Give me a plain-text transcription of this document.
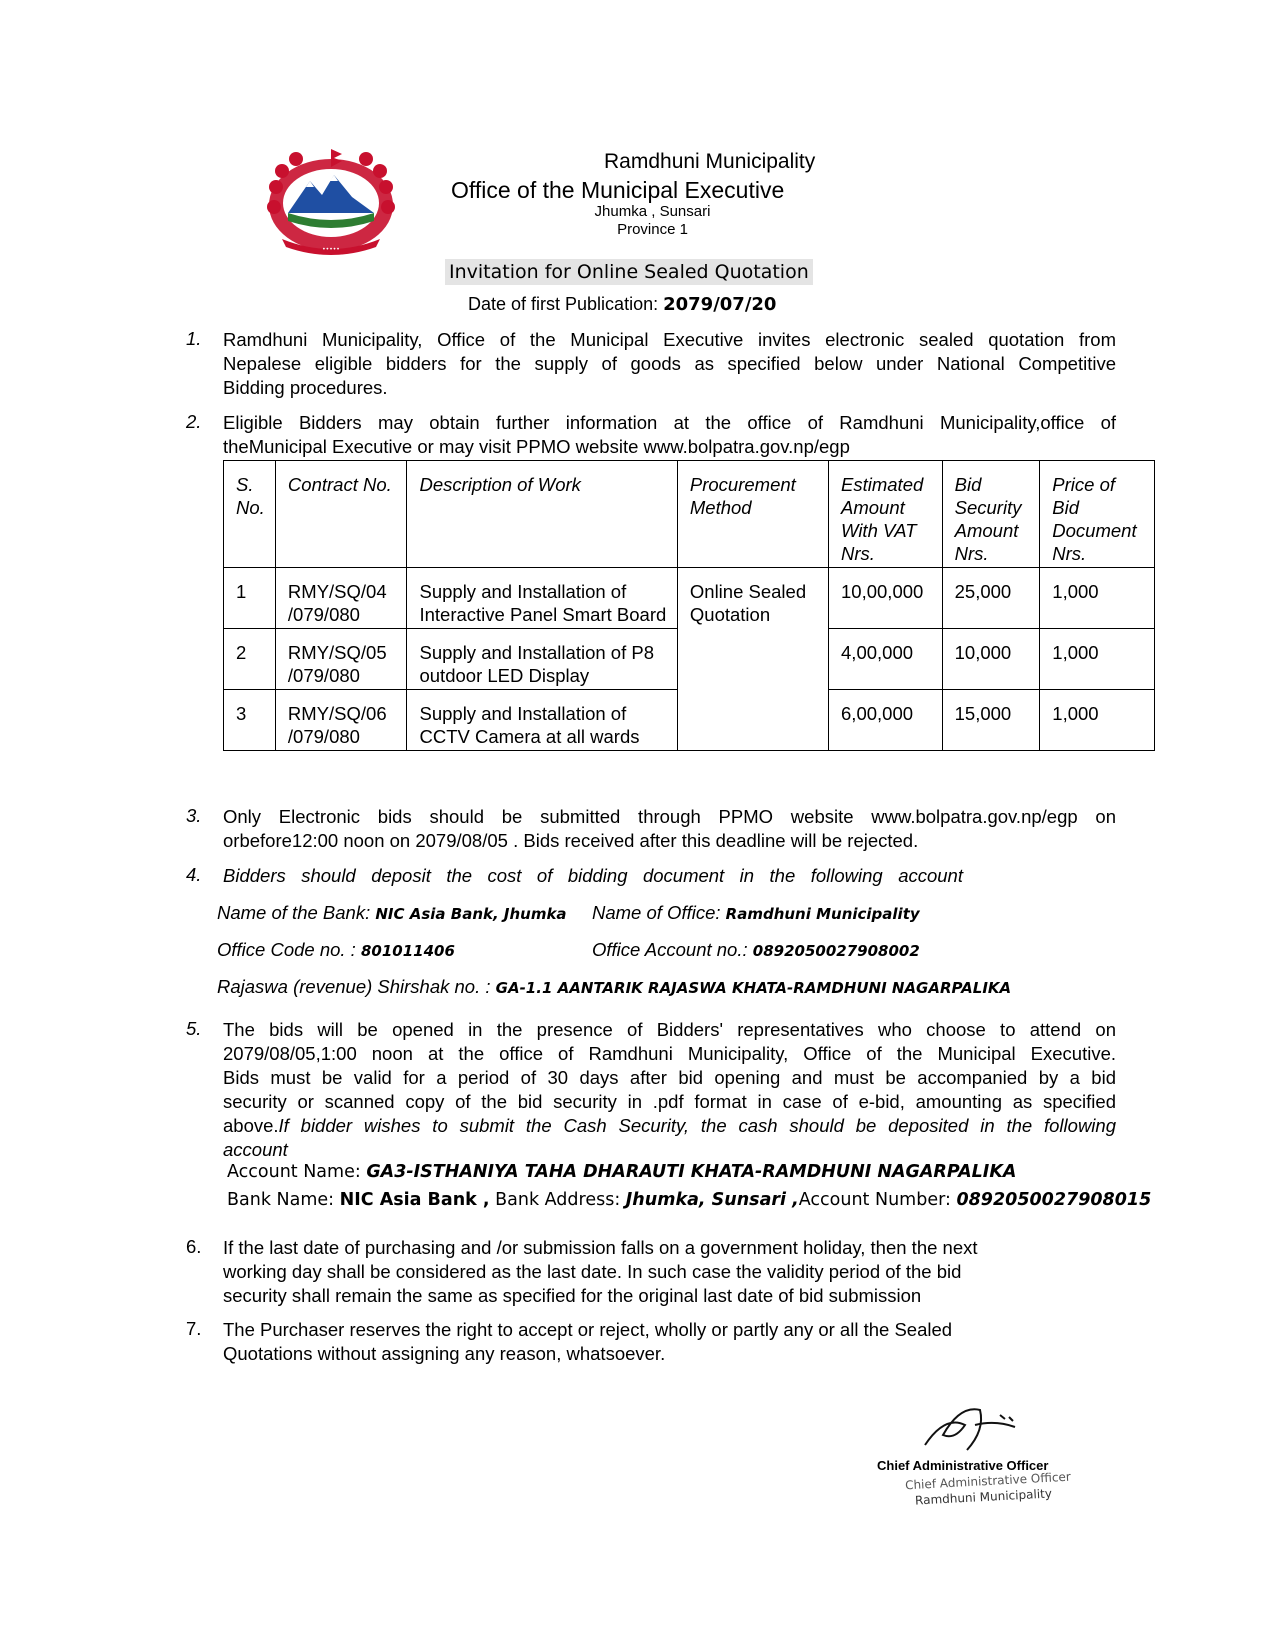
•••••
Ramdhuni Municipality
Office of the Municipal Executive
Jhumka , Sunsari
Province 1
Invitation for Online Sealed Quotation
Date of first Publication: 2079/07/20
1. Ramdhuni Municipality, Office of the Municipal Executive invites electronic sealed quotation from
Nepalese eligible bidders for the supply of goods as specified below under National Competitive
Bidding procedures.
2. Eligible Bidders may obtain further information at the office of Ramdhuni Municipality,office of
theMunicipal Executive or may visit PPMO website www.bolpatra.gov.np/egp
S. No.	Contract No.	Description of Work	Procurement Method	Estimated Amount With VAT Nrs.	Bid Security Amount Nrs.	Price of Bid Document Nrs.
1	RMY/SQ/04 /079/080	Supply and Installation of Interactive Panel Smart Board	Online Sealed Quotation	10,00,000	25,000	1,000
2	RMY/SQ/05 /079/080	Supply and Installation of P8 outdoor LED Display		4,00,000	10,000	1,000
3	RMY/SQ/06 /079/080	Supply and Installation of CCTV Camera at all wards		6,00,000	15,000	1,000
3. Only Electronic bids should be submitted through PPMO website www.bolpatra.gov.np/egp on
orbefore12:00 noon on 2079/08/05 . Bids received after this deadline will be rejected.
4. Bidders should deposit the cost of bidding document in the following account
Name of the Bank: NIC Asia Bank, Jhumka Name of Office: Ramdhuni Municipality
Office Code no. : 801011406	Office Account no.: 0892050027908002
Rajaswa (revenue) Shirshak no. : GA-1.1 AANTARIK RAJASWA KHATA-RAMDHUNI NAGARPALIKA
5. The bids will be opened in the presence of Bidders' representatives who choose to attend on
2079/08/05,1:00 noon at the office of Ramdhuni Municipality, Office of the Municipal Executive.
Bids must be valid for a period of 30 days after bid opening and must be accompanied by a bid
security or scanned copy of the bid security in .pdf format in case of e-bid, amounting as specified
above.If bidder wishes to submit the Cash Security, the cash should be deposited in the following
account
Account Name: GA3-ISTHANIYA TAHA DHARAUTI KHATA-RAMDHUNI NAGARPALIKA
Bank Name: NIC Asia Bank , Bank Address: Jhumka, Sunsari ,Account Number: 0892050027908015
6. If the last date of purchasing and /or submission falls on a government holiday, then the next
working day shall be considered as the last date. In such case the validity period of the bid
security shall remain the same as specified for the original last date of bid submission
7. The Purchaser reserves the right to accept or reject, wholly or partly any or all the Sealed
Quotations without assigning any reason, whatsoever.
Chief Administrative Officer
Chief Administrative Officer
Ramdhuni Municipality
